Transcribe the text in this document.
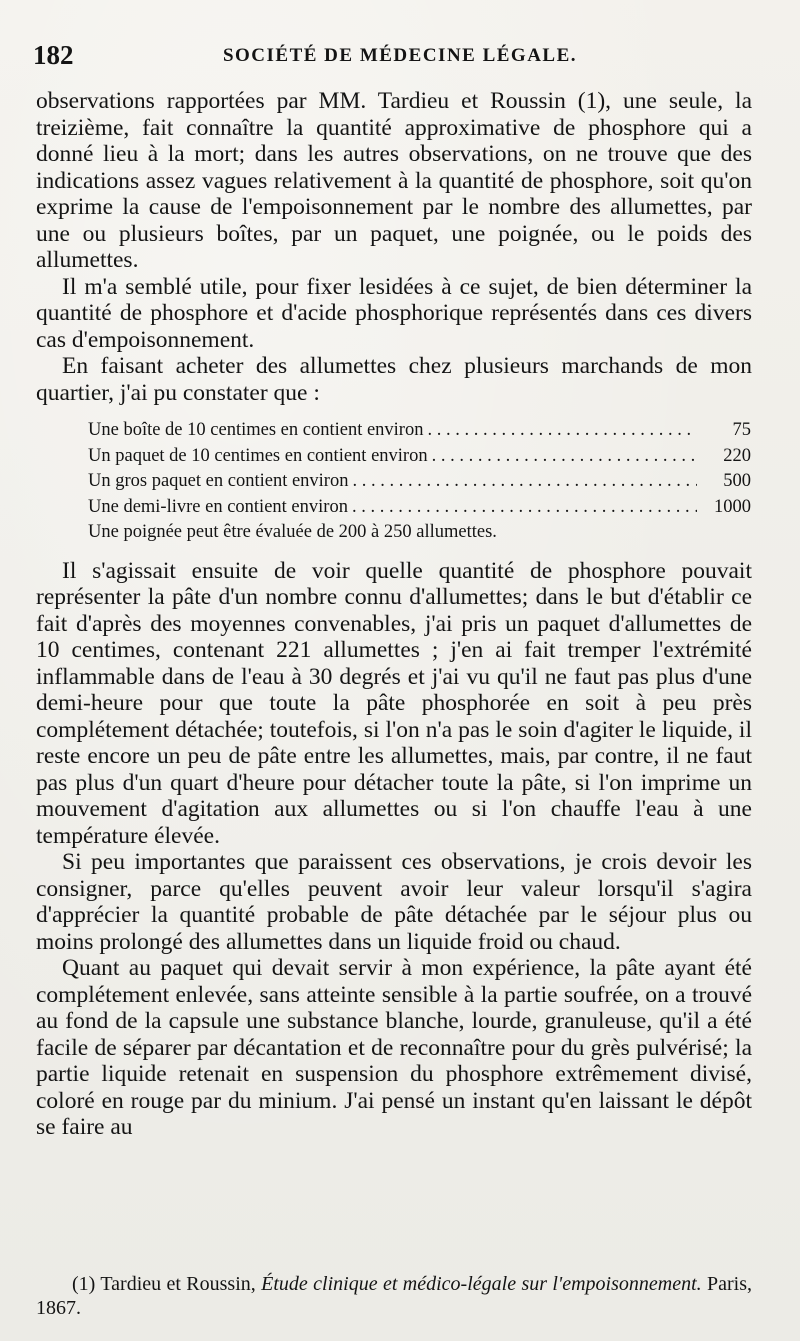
182	SOCIÉTÉ DE MÉDECINE LÉGALE.

observations rapportées par MM. Tardieu et Roussin (1), une seule, la treizième, fait connaître la quantité approximative de phosphore qui a donné lieu à la mort; dans les autres observations, on ne trouve que des indications assez vagues relativement à la quantité de phosphore, soit qu'on exprime la cause de l'empoisonnement par le nombre des allumettes, par une ou plusieurs boîtes, par un paquet, une poignée, ou le poids des allumettes.

Il m'a semblé utile, pour fixer lesidées à ce sujet, de bien déterminer la quantité de phosphore et d'acide phosphorique représentés dans ces divers cas d'empoisonnement.

En faisant acheter des allumettes chez plusieurs marchands de mon quartier, j'ai pu constater que :

Une boîte de 10 centimes en contient environ . . .	75
Un paquet de 10 centimes en contient environ . . .	220
Un gros paquet en contient environ . . .	500
Une demi-livre en contient environ . . .	1000
Une poignée peut être évaluée de 200 à 250 allumettes.

Il s'agissait ensuite de voir quelle quantité de phosphore pouvait représenter la pâte d'un nombre connu d'allumettes; dans le but d'établir ce fait d'après des moyennes convenables, j'ai pris un paquet d'allumettes de 10 centimes, contenant 221 allumettes ; j'en ai fait tremper l'extrémité inflammable dans de l'eau à 30 degrés et j'ai vu qu'il ne faut pas plus d'une demi-heure pour que toute la pâte phosphorée en soit à peu près complétement détachée; toutefois, si l'on n'a pas le soin d'agiter le liquide, il reste encore un peu de pâte entre les allumettes, mais, par contre, il ne faut pas plus d'un quart d'heure pour détacher toute la pâte, si l'on imprime un mouvement d'agitation aux allumettes ou si l'on chauffe l'eau à une température élevée.

Si peu importantes que paraissent ces observations, je crois devoir les consigner, parce qu'elles peuvent avoir leur valeur lorsqu'il s'agira d'apprécier la quantité probable de pâte détachée par le séjour plus ou moins prolongé des allumettes dans un liquide froid ou chaud.

Quant au paquet qui devait servir à mon expérience, la pâte ayant été complétement enlevée, sans atteinte sensible à la partie soufrée, on a trouvé au fond de la capsule une substance blanche, lourde, granuleuse, qu'il a été facile de séparer par décantation et de reconnaître pour du grès pulvérisé; la partie liquide retenait en suspension du phosphore extrêmement divisé, coloré en rouge par du minium. J'ai pensé un instant qu'en laissant le dépôt se faire au

(1) Tardieu et Roussin, Étude clinique et médico-légale sur l'empoisonnement. Paris, 1867.
